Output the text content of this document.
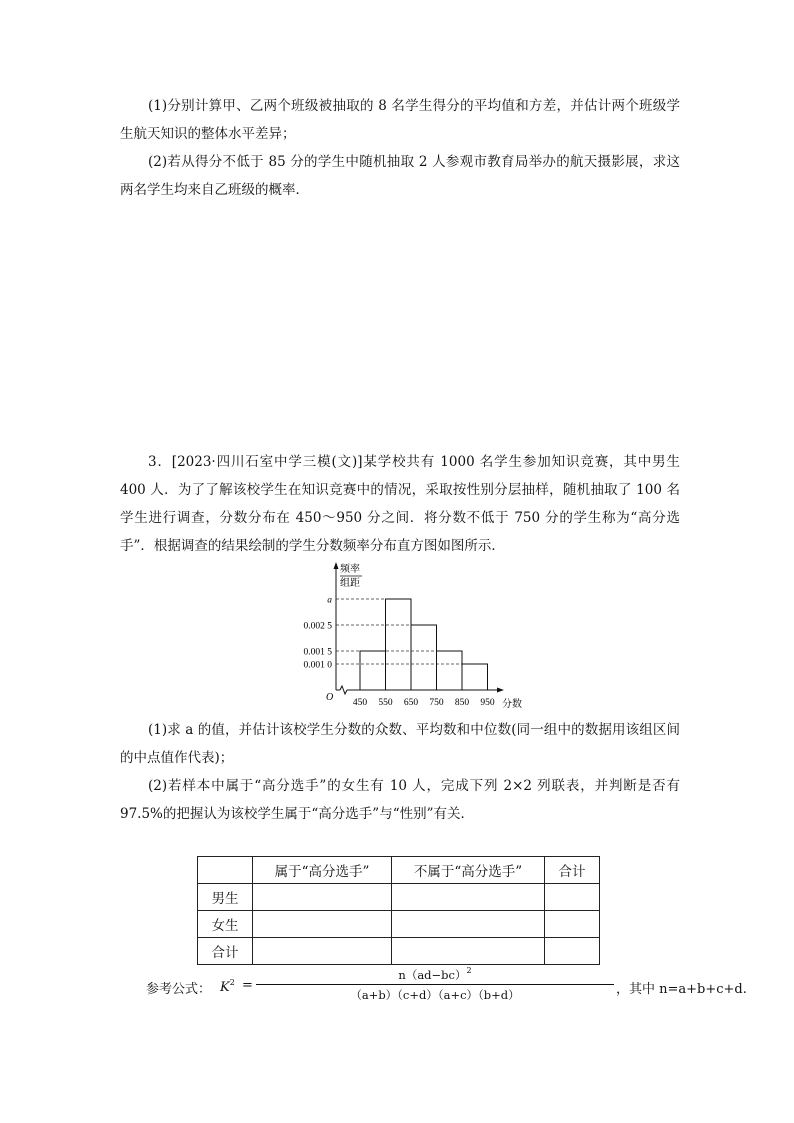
(1)分别计算甲、乙两个班级被抽取的 8 名学生得分的平均值和方差，并估计两个班级学生航天知识的整体水平差异；
(2)若从得分不低于 85 分的学生中随机抽取 2 人参观市教育局举办的航天摄影展，求这两名学生均来自乙班级的概率．
3．[2023·四川石室中学三模(文)]某学校共有 1000 名学生参加知识竞赛，其中男生 400 人．为了了解该校学生在知识竞赛中的情况，采取按性别分层抽样，随机抽取了 100 名学生进行调查，分数分布在 450～950 分之间．将分数不低于 750 分的学生称为“高分选手”．根据调查的结果绘制的学生分数频率分布直方图如图所示．
频率
组距
O
分数
0.001 0
0.001 5
0.002 5
a
450 550 650 750 850 950
(1)求 a 的值，并估计该校学生分数的众数、平均数和中位数(同一组中的数据用该组区间的中点值作代表)；
(2)若样本中属于“高分选手”的女生有 10 人，完成下列 2×2 列联表，并判断是否有 97.5%的把握认为该校学生属于“高分选手”与“性别”有关．
	属于“高分选手”	不属于“高分选手”	合计
男生			
女生			
合计			
参考公式： $K^2$ =
$n(ad-bc)^2$
（a+b）（c+d）（a+c）（b+d）	，其中 n=a+b+c+d.
